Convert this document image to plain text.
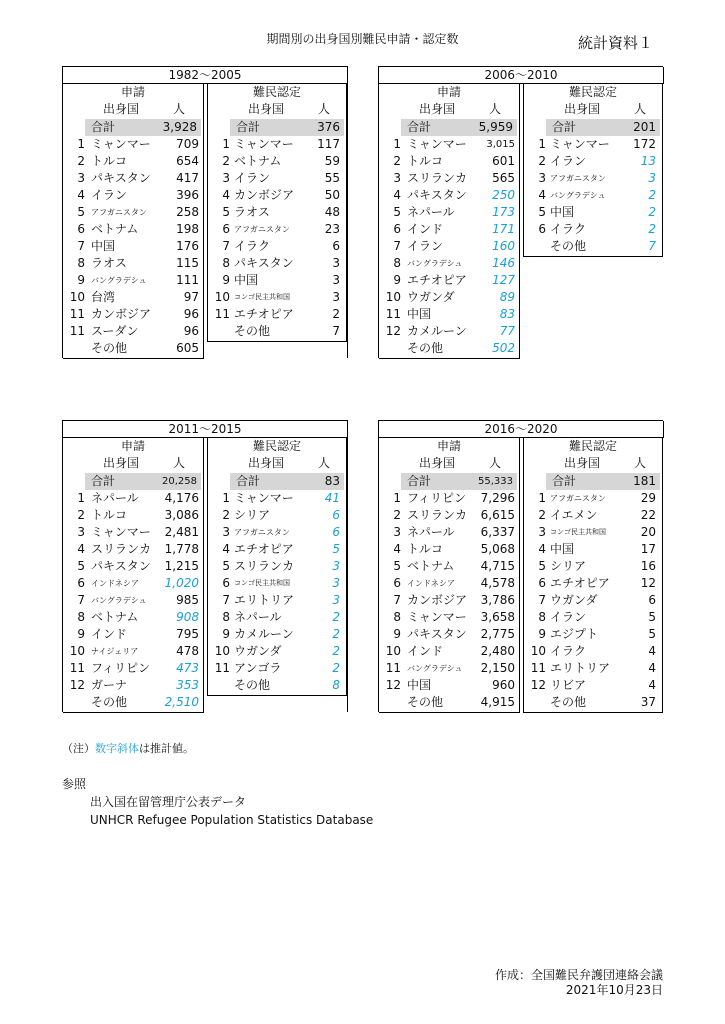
期間別の出身国別難民申請・認定数	統計資料１
1982～2005
申請
出身国	人
合計	3,928
1 ミャンマー 709
2 トルコ	654
3 パキスタン 417
4 イラン	396
5 アフガニスタン 258
6 ベトナム	198
7 中国	176
8 ラオス	115
9 バングラデシュ 111
10 台湾	97
11 カンボジア	96
11 スーダン	96
その他	605
難民認定
出身国	人
合計	376
1 ミャンマー 117
2 ベトナム	59
3 イラン	55
4 カンボジア	50
5 ラオス	48
6 アフガニスタン	23
7 イラク	6
8 パキスタン	3
9 中国	3
10 コンゴ民主共和国	3
11 エチオピア	2
その他	7
2006～2010
申請
出身国	人
合計	5,959
1 ミャンマー 3,015
2 トルコ	601
3 スリランカ 565
4 パキスタン 250
5 ネパール	173
6 インド	171
7 イラン	160
8 バングラデシュ 146
9 エチオピア 127
10 ウガンダ	89
11 中国	83
12 カメルーン	77
その他	502
難民認定
出身国	人
合計	201
1 ミャンマー 172
2 イラン	13
3 アフガニスタン	3
4 バングラデシュ	2
5 中国	2
6 イラク	2
その他	7
2011～2015
申請
出身国	人
合計	20,258
1 ネパール 4,176
2 トルコ	3,086
3 ミャンマー 2,481
4 スリランカ 1,778
5 パキスタン 1,215
6 インドネシア 1,020
7 バングラデシュ 985
8 ベトナム	908
9 インド	795
10 ナイジェリア	478
11 フィリピン 473
12 ガーナ	353
その他	2,510
難民認定
出身国	人
合計	83
1 ミャンマー	41
2 シリア	6
3 アフガニスタン	6
4 エチオピア	5
5 スリランカ	3
6 コンゴ民主共和国	3
7 エリトリア	3
8 ネパール	2
9 カメルーン	2
10 ウガンダ	2
11 アンゴラ	2
その他	8
2016～2020
申請
出身国	人
合計	55,333
1 フィリピン 7,296
2 スリランカ 6,615
3 ネパール 6,337
4 トルコ	5,068
5 ベトナム 4,715
6 インドネシア 4,578
7 カンボジア 3,786
8 ミャンマー 3,658
9 パキスタン 2,775
10 インド	2,480
11 バングラデシュ 2,150
12 中国	960
その他	4,915
難民認定
出身国	人
合計	181
1 アフガニスタン	29
2 イエメン	22
3 コンゴ民主共和国	20
4 中国	17
5 シリア	16
6 エチオピア	12
7 ウガンダ	6
8 イラン	5
9 エジプト	5
10 イラク	4
11 エリトリア	4
12 リビア	4
その他	37
（注）数字斜体は推計値。
参照
出入国在留管理庁公表データ
UNHCR Refugee Population Statistics Database
作成：全国難民弁護団連絡会議
2021年10月23日
